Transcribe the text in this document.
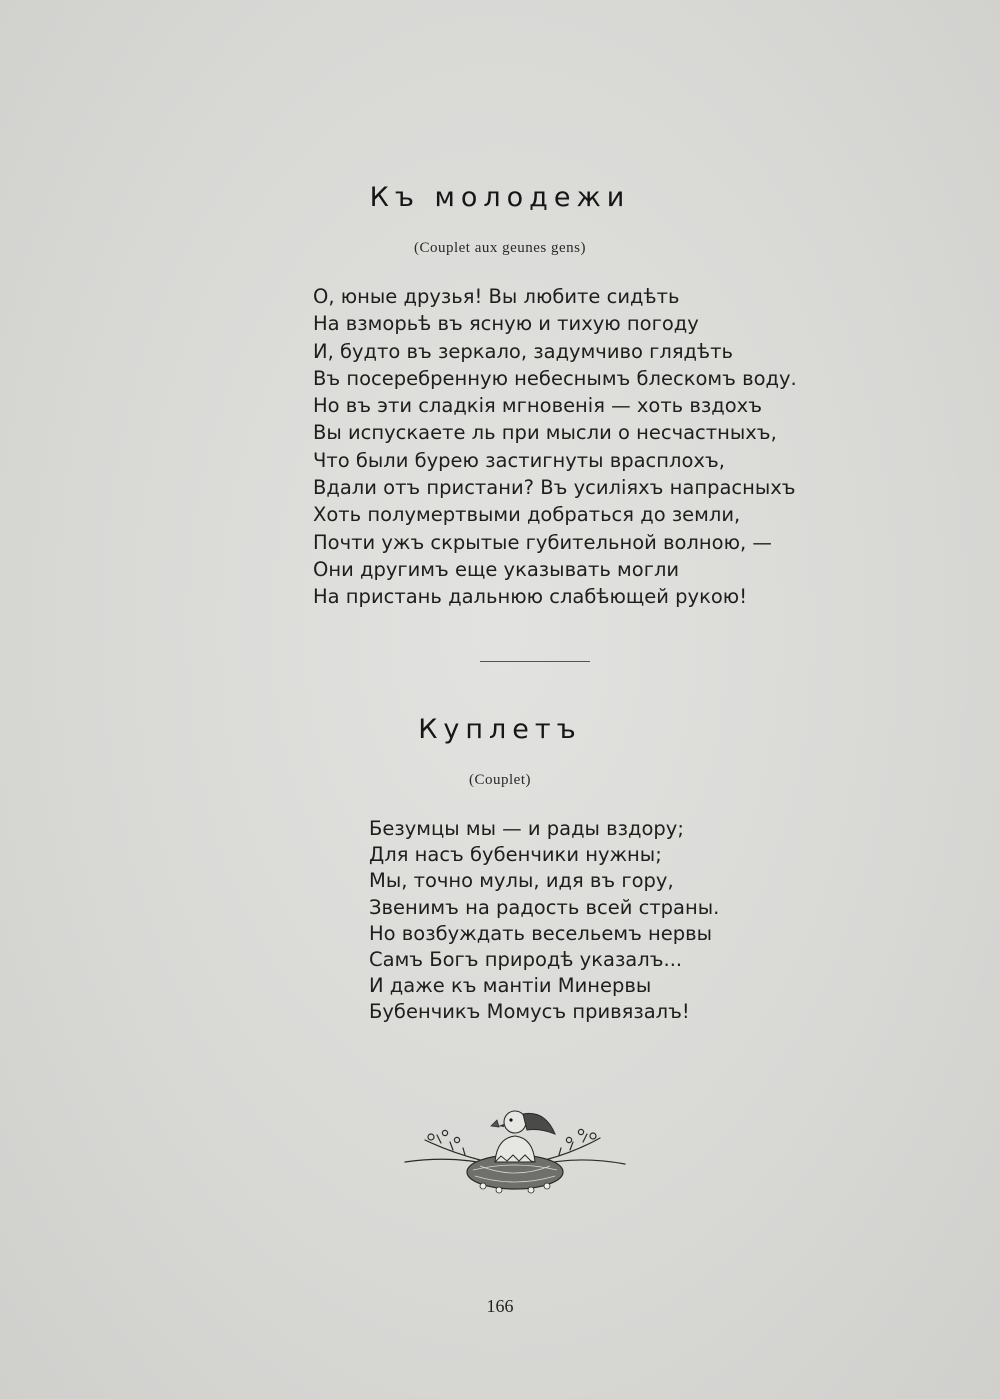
Къ молодежи
(Couplet aux geunes gens)
О, юные друзья! Вы любите сидѣть
На взморьѣ въ ясную и тихую погоду
И, будто въ зеркало, задумчиво глядѣть
Въ посеребренную небеснымъ блескомъ воду.
Но въ эти сладкія мгновенія — хоть вздохъ
Вы испускаете ль при мысли о несчастныхъ,
Что были бурею застигнуты врасплохъ,
Вдали отъ пристани? Въ усиліяхъ напрасныхъ
Хоть полумертвыми добраться до земли,
Почти ужъ скрытые губительной волною, —
Они другимъ еще указывать могли
На пристань дальнюю слабѣющей рукою!
Куплетъ
(Couplet)
Безумцы мы — и рады вздору;
Для насъ бубенчики нужны;
Мы, точно мулы, идя въ гору,
Звенимъ на радость всей страны.
Но возбуждать весельемъ нервы
Самъ Богъ природѣ указалъ...
И даже къ мантіи Минервы
Бубенчикъ Момусъ привязалъ!
166
